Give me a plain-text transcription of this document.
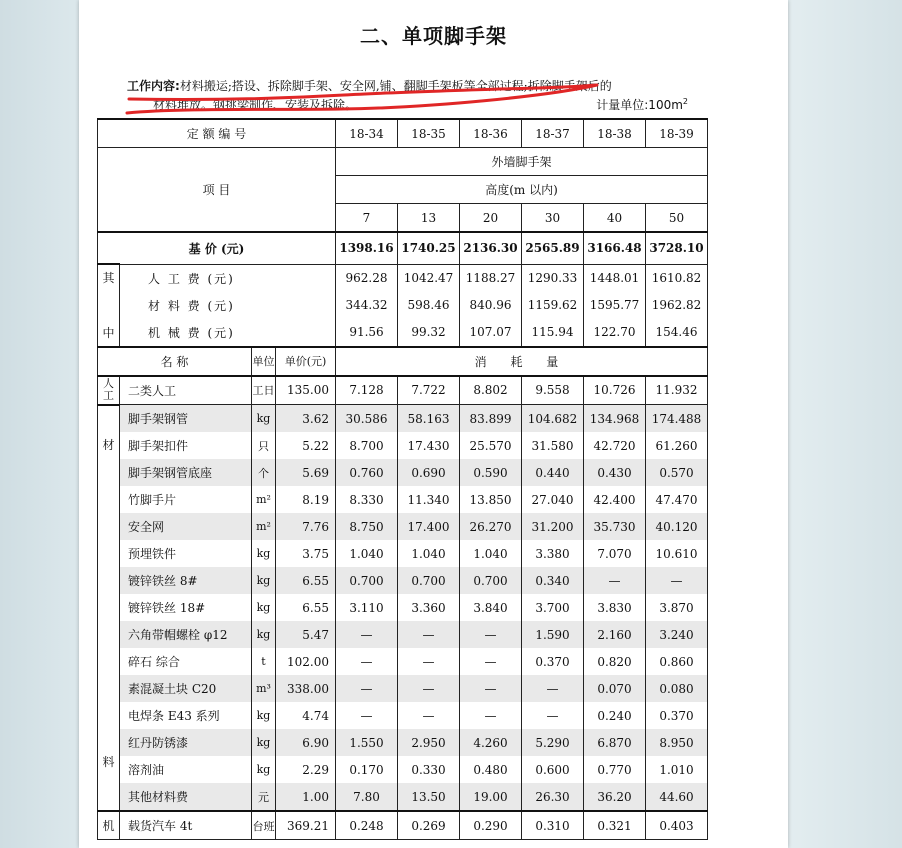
二、单项脚手架
工作内容:材料搬运;搭设、拆除脚手架、安全网,铺、翻脚手架板等全部过程;拆除脚手架后的
材料堆放。钢挑梁制作、安装及拆除。	计量单位$:100m^2$
定 额 编 号				18-34	18-35	18-36	18-37	18-38	18-39
项 目				外墙脚手架					
				高度(m 以内)					
				7	13	20	30	40	50
基 价 (元)				1398.16	1740.25	2136.30	2565.89	3166.48	3728.10
其	人 工 费 (元)			962.28	1042.47	1188.27	1290.33	1448.01	1610.82
	材 料 费 (元)			344.32	598.46	840.96	1159.62	1595.77	1962.82
中	机 械 费 (元)			91.56	99.32	107.07	115.94	122.70	154.46
名 称		单位	单价(元)	消 耗 量					
人
工	二类人工	工日	135.00	7.128	7.722	8.802	9.558	10.726	11.932

材
料	脚手架钢管	kg	3.62	30.586	58.163	83.899	104.682	134.968	174.488
	脚手架扣件	只	5.22	8.700	17.430	25.570	31.580	42.720	61.260
	脚手架钢管底座	个	5.69	0.760	0.690	0.590	0.440	0.430	0.570
	竹脚手片	m²	8.19	8.330	11.340	13.850	27.040	42.400	47.470
	安全网	m²	7.76	8.750	17.400	26.270	31.200	35.730	40.120
	预埋铁件	kg	3.75	1.040	1.040	1.040	3.380	7.070	10.610
	镀锌铁丝 8#	kg	6.55	0.700	0.700	0.700	0.340	—	—
	镀锌铁丝 18#	kg	6.55	3.110	3.360	3.840	3.700	3.830	3.870
	六角带帽螺栓 φ12	kg	5.47	—	—	—	1.590	2.160	3.240
	碎石 综合	t	102.00	—	—	—	0.370	0.820	0.860
	素混凝土块 C20	m³	338.00	—	—	—	—	0.070	0.080
	电焊条 E43 系列	kg	4.74	—	—	—	—	0.240	0.370
	红丹防锈漆	kg	6.90	1.550	2.950	4.260	5.290	6.870	8.950
	溶剂油	kg	2.29	0.170	0.330	0.480	0.600	0.770	1.010
	其他材料费	元	1.00	7.80	13.50	19.00	26.30	36.20	44.60
机	载货汽车 4t	台班	369.21	0.248	0.269	0.290	0.310	0.321	0.403
